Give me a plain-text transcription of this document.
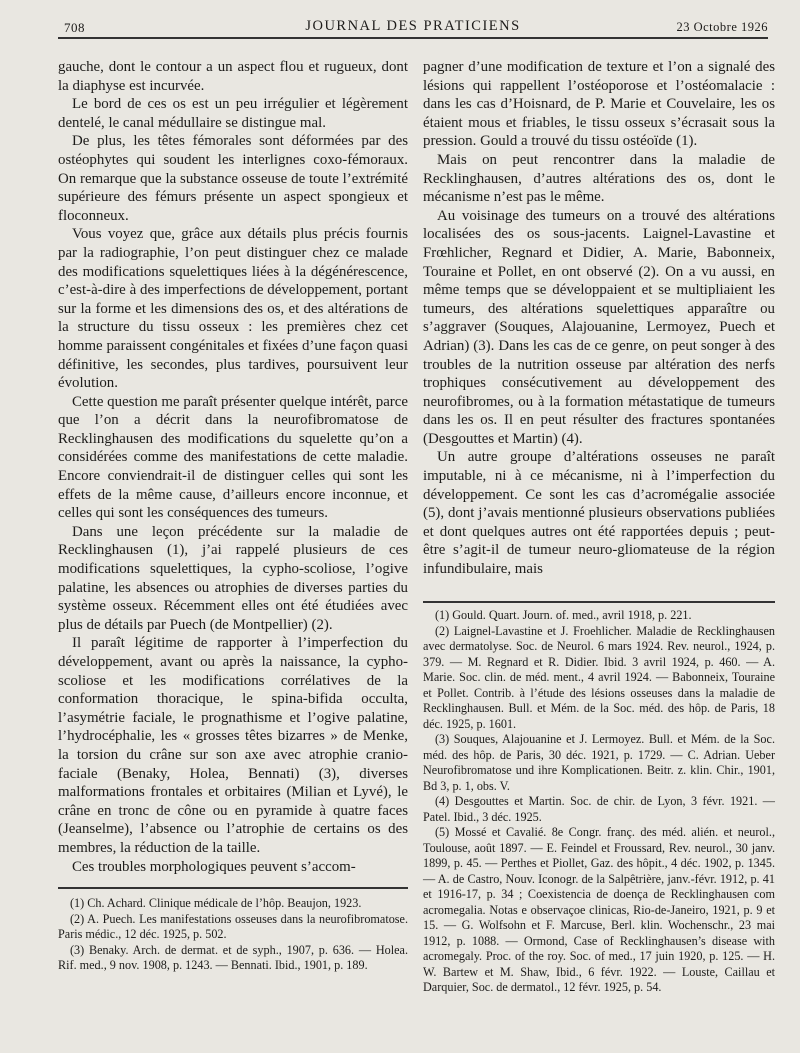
708	JOURNAL DES PRATICIENS	23 Octobre 1926

gauche, dont le contour a un aspect flou et rugueux, dont la diaphyse est incurvée.

Le bord de ces os est un peu irrégulier et légèrement dentelé, le canal médullaire se distingue mal.

De plus, les têtes fémorales sont déformées par des ostéophytes qui soudent les interlignes coxo-fémoraux. On remarque que la substance osseuse de toute l’extrémité supérieure des fémurs présente un aspect spongieux et floconneux.

Vous voyez que, grâce aux détails plus précis fournis par la radiographie, l’on peut distinguer chez ce malade des modifications squelettiques liées à la dégénérescence, c’est-à-dire à des imperfections de développement, portant sur la forme et les dimensions des os, et des altérations de la structure du tissu osseux : les premières chez cet homme paraissent congénitales et fixées d’une façon quasi définitive, les secondes, plus tardives, poursuivent leur évolution.

Cette question me paraît présenter quelque intérêt, parce que l’on a décrit dans la neurofibromatose de Recklinghausen des modifications du squelette qu’on a considérées comme des manifestations de cette maladie. Encore conviendrait-il de distinguer celles qui sont les effets de la même cause, d’ailleurs encore inconnue, et celles qui sont les conséquences des tumeurs.

Dans une leçon précédente sur la maladie de Recklinghausen (1), j’ai rappelé plusieurs de ces modifications squelettiques, la cypho-scoliose, l’ogive palatine, les absences ou atrophies de diverses parties du système osseux. Récemment elles ont été étudiées avec plus de détails par Puech (de Montpellier) (2).

Il paraît légitime de rapporter à l’imperfection du développement, avant ou après la naissance, la cypho-scoliose et les modifications corrélatives de la conformation thoracique, le spina-bifida occulta, l’asymétrie faciale, le prognathisme et l’ogive palatine, l’hydrocéphalie, les « grosses têtes bizarres » de Menke, la torsion du crâne sur son axe avec atrophie cranio-faciale (Benaky, Holea, Bennati) (3), diverses malformations frontales et orbitaires (Milian et Lyvé), le crâne en tronc de cône ou en pyramide à quatre faces (Jeanselme), l’absence ou l’atrophie de certains os des membres, la réduction de la taille.

Ces troubles morphologiques peuvent s’accom-

pagner d’une modification de texture et l’on a signalé des lésions qui rappellent l’ostéoporose et l’ostéomalacie : dans les cas d’Hoisnard, de P. Marie et Couvelaire, les os étaient mous et friables, le tissu osseux s’écrasait sous la pression. Gould a trouvé du tissu ostéoïde (1).

Mais on peut rencontrer dans la maladie de Recklinghausen, d’autres altérations des os, dont le mécanisme n’est pas le même.

Au voisinage des tumeurs on a trouvé des altérations localisées des os sous-jacents. Laignel-Lavastine et Frœhlicher, Regnard et Didier, A. Marie, Babonneix, Touraine et Pollet, en ont observé (2). On a vu aussi, en même temps que se développaient et se multipliaient les tumeurs, des altérations squelettiques apparaître ou s’aggraver (Souques, Alajouanine, Lermoyez, Puech et Adrian) (3). Dans les cas de ce genre, on peut songer à des troubles de la nutrition osseuse par altération des nerfs trophiques consécutivement au développement des neurofibromes, ou à la formation métastatique de tumeurs dans les os. Il en peut résulter des fractures spontanées (Desgouttes et Martin) (4).

Un autre groupe d’altérations osseuses ne paraît imputable, ni à ce mécanisme, ni à l’imperfection du développement. Ce sont les cas d’acromégalie associée (5), dont j’avais mentionné plusieurs observations publiées et dont quelques autres ont été rapportées depuis ; peut-être s’agit-il de tumeur neuro-gliomateuse de la région infundibulaire, mais

(1) Gould. Quart. Journ. of. med., avril 1918, p. 221.

(2) Laignel-Lavastine et J. Froehlicher. Maladie de Recklinghausen avec dermatolyse. Soc. de Neurol. 6 mars 1924. Rev. neurol., 1924, p. 379. — M. Regnard et R. Didier. Ibid. 3 avril 1924, p. 460. — A. Marie. Soc. clin. de méd. ment., 4 avril 1924. — Babonneix, Touraine et Pollet. Contrib. à l’étude des lésions osseuses dans la maladie de Recklinghausen. Bull. et Mém. de la Soc. méd. des hôp. de Paris, 18 déc. 1925, p. 1601.

(3) Souques, Alajouanine et J. Lermoyez. Bull. et Mém. de la Soc. méd. des hôp. de Paris, 30 déc. 1921, p. 1729. — C. Adrian. Ueber Neurofibromatose und ihre Komplicationen. Beitr. z. klin. Chir., 1901, Bd 3, p. 1, obs. V.

(4) Desgouttes et Martin. Soc. de chir. de Lyon, 3 févr. 1921. — Patel. Ibid., 3 déc. 1925.

(5) Mossé et Cavalié. 8e Congr. franç. des méd. alién. et neurol., Toulouse, août 1897. — E. Feindel et Froussard, Rev. neurol., 30 janv. 1899, p. 45. — Perthes et Piollet, Gaz. des hôpit., 4 déc. 1902, p. 1345. — A. de Castro, Nouv. Iconogr. de la Salpêtrière, janv.-févr. 1912, p. 41 et 1916-17, p. 34 ; Coexistencia de doença de Recklinghausen com acromegalia. Notas e observaçoe clinicas, Rio-de-Janeiro, 1921, p. 9 et 15. — G. Wolfsohn et F. Marcuse, Berl. klin. Wochenschr., 23 mai 1912, p. 1088. — Ormond, Case of Recklinghausen’s disease with acromegaly. Proc. of the roy. Soc. of med., 17 juin 1920, p. 125. — H. W. Bartew et M. Shaw, Ibid., 6 févr. 1922. — Louste, Caillau et Darquier, Soc. de dermatol., 12 févr. 1925, p. 54.

(1) Ch. Achard. Clinique médicale de l’hôp. Beaujon, 1923.

(2) A. Puech. Les manifestations osseuses dans la neurofibromatose. Paris médic., 12 déc. 1925, p. 502.

(3) Benaky. Arch. de dermat. et de syph., 1907, p. 636. — Holea. Rif. med., 9 nov. 1908, p. 1243. — Bennati. Ibid., 1901, p. 189.
